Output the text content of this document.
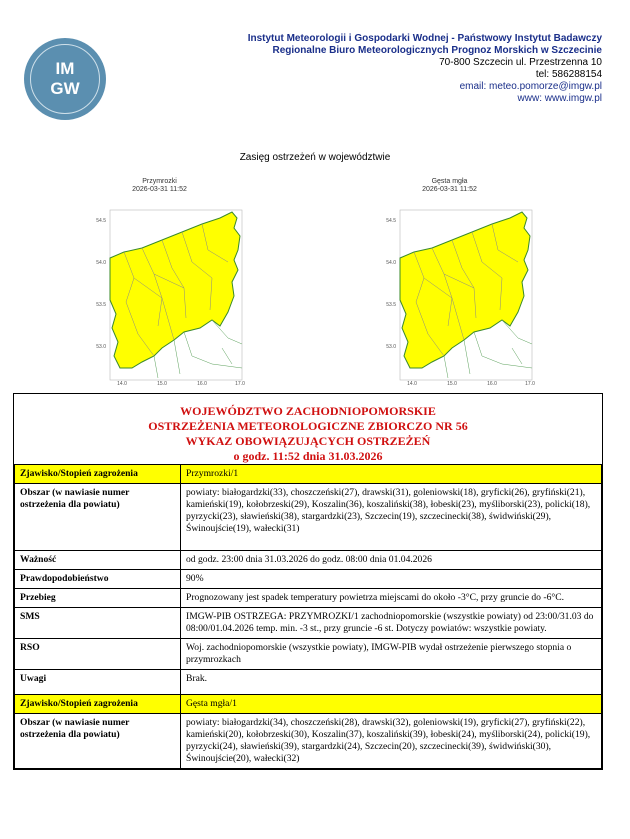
IM
GW
Instytut Meteorologii i Gospodarki Wodnej - Państwowy Instytut Badawczy
Regionalne Biuro Meteorologicznych Prognoz Morskich w Szczecinie
70-800 Szczecin ul. Przestrzenna 10
tel: 586288154
email: meteo.pomorze@imgw.pl
www: www.imgw.pl
Zasięg ostrzeżeń w województwie
Przymrozki
2026-03-31 11:52
54.5
54.0
53.5
53.0
14.0	15.0	16.0	17.0
Gęsta mgła
2026-03-31 11:52
54.5
54.0
53.5
53.0
14.0	15.0	16.0	17.0
WOJEWÓDZTWO ZACHODNIOPOMORSKIE
OSTRZEŻENIA METEOROLOGICZNE ZBIORCZO NR 56
WYKAZ OBOWIĄZUJĄCYCH OSTRZEŻEŃ
o godz. 11:52 dnia 31.03.2026
Zjawisko/Stopień zagrożenia	Przymrozki/1
Obszar (w nawiasie numer ostrzeżenia dla powiatu)	powiaty: białogardzki(33), choszczeński(27), drawski(31), goleniowski(18), gryficki(26), gryfiński(21), kamieński(19), kołobrzeski(29), Koszalin(36), koszaliński(38), łobeski(23), myśliborski(23), policki(18), pyrzycki(23), sławieński(38), stargardzki(23), Szczecin(19), szczecinecki(38), świdwiński(29), Świnoujście(19), wałecki(31)
Ważność	od godz. 23:00 dnia 31.03.2026 do godz. 08:00 dnia 01.04.2026
Prawdopodobieństwo	90%
Przebieg	Prognozowany jest spadek temperatury powietrza miejscami do około -3°C, przy gruncie do -6°C.
SMS	IMGW-PIB OSTRZEGA: PRZYMROZKI/1 zachodniopomorskie (wszystkie powiaty) od 23:00/31.03 do 08:00/01.04.2026 temp. min. -3 st., przy gruncie -6 st. Dotyczy powiatów: wszystkie powiaty.
RSO	Woj. zachodniopomorskie (wszystkie powiaty), IMGW-PIB wydał ostrzeżenie pierwszego stopnia o przymrozkach
Uwagi	Brak.
Zjawisko/Stopień zagrożenia	Gęsta mgła/1
Obszar (w nawiasie numer ostrzeżenia dla powiatu)	powiaty: białogardzki(34), choszczeński(28), drawski(32), goleniowski(19), gryficki(27), gryfiński(22), kamieński(20), kołobrzeski(30), Koszalin(37), koszaliński(39), łobeski(24), myśliborski(24), policki(19), pyrzycki(24), sławieński(39), stargardzki(24), Szczecin(20), szczecinecki(39), świdwiński(30), Świnoujście(20), wałecki(32)
